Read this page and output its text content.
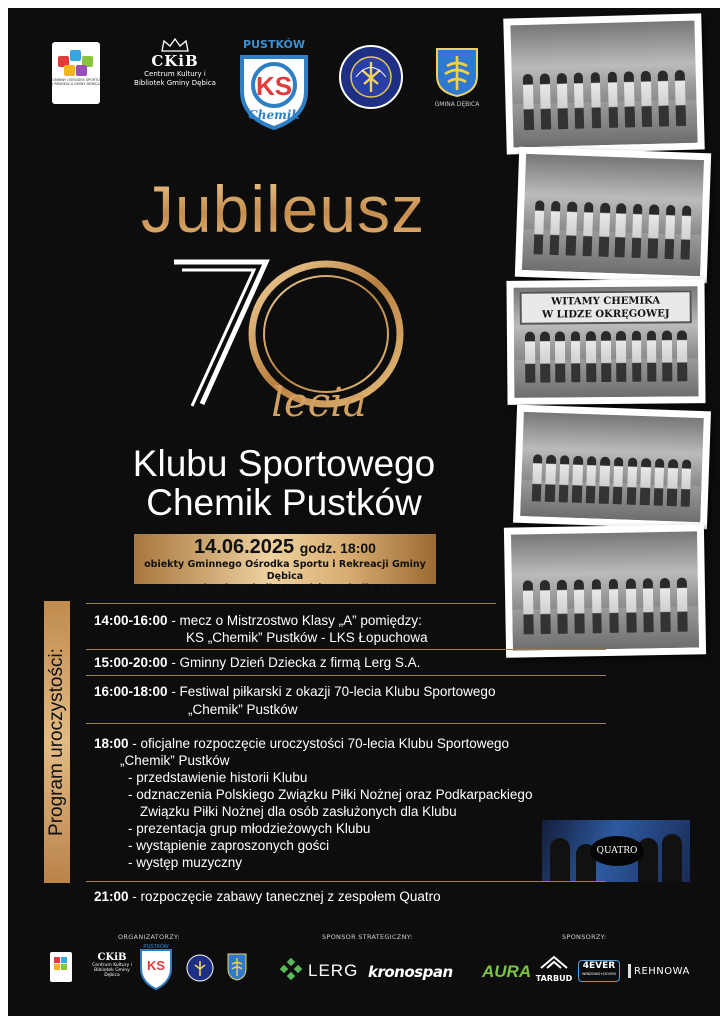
GMINNY OŚRODEK SPORTU I REKREACJI GMINY DĘBICA
CKiB
Centrum Kultury i Bibliotek Gminy Dębica
PUSTKÓW
KS
Chemik
GMINA DĘBICA
WITAMY CHEMIKA
W LIDZE OKRĘGOWEJ
Jubileusz
lecia
Klubu Sportowego
Chemik Pustków
14.06.2025 godz. 18:00
obiekty Gminnego Ośrodka Sportu i Rekreacji Gminy Dębica
w Pustkowie-Osiedlu, Pustków-Osiedla 36A.
Program uroczystości:
14:00-16:00 - mecz o Mistrzostwo Klasy „A” pomiędzy:
KS „Chemik” Pustków - LKS Łopuchowa
15:00-20:00 - Gminny Dzień Dziecka z firmą Lerg S.A.
16:00-18:00 - Festiwal piłkarski z okazji 70-lecia Klubu Sportowego
„Chemik” Pustków
18:00 - oficjalne rozpoczęcie uroczystości 70-lecia Klubu Sportowego
„Chemik” Pustków
- przedstawienie historii Klubu
- odznaczenia Polskiego Związku Piłki Nożnej oraz Podkarpackiego
Związku Piłki Nożnej dla osób zasłużonych dla Klubu
- prezentacja grup młodzieżowych Klubu
- wystąpienie zaproszonych gości
- występ muzyczny
QUATRO
21:00 - rozpoczęcie zabawy tanecznej z zespołem Quatro
ORGANIZATORZY:	SPONSOR STRATEGICZNY:	SPONSORZY:
CKiB
Centrum Kultury i Bibliotek Gminy Dębica
KS
PUSTKÓW
LERG kronospan AURA TARBUD
4EVER
WINDOWS+DOORS REHNOWA
